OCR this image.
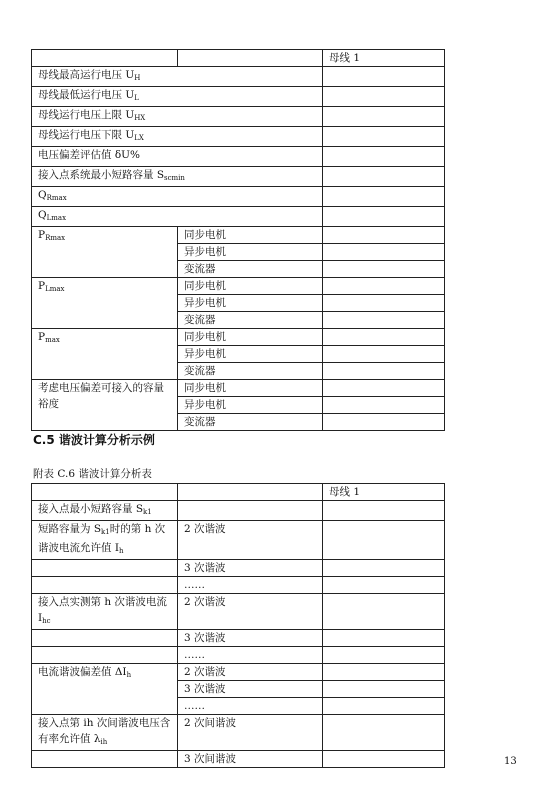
		母线 1
母线最高运行电压 $U_H$	
母线最低运行电压 $U_L$	
母线运行电压上限 $U_{HX}$	
母线运行电压下限 $U_{LX}$	
电压偏差评估值 δU%		
接入点系统最小短路容量 $S_{scmin}$	
$Q_{Rmax}$	
$Q_{Lmax}$	
$P_{Rmax}$	同步电机	
	异步电机	
	变流器	
$P_{Lmax}$	同步电机	
	异步电机	
	变流器	
$P_{max}$	同步电机	
	异步电机	
	变流器	
考虑电压偏差可接入的容量裕度	同步电机	
	异步电机	
	变流器	
C.5 谐波计算分析示例
附表 C.6 谐波计算分析表
		母线 1
接入点最小短路容量 $S_{k1}$		
短路容量为 $S_{k1}$时的第 h 次谐波电流允许值 $I_h$	2 次谐波	
	3 次谐波	
	……	
接入点实测第 h 次谐波电流 $I_{hc}$	2 次谐波	
	3 次谐波	
	……	
电流谐波偏差值 $\Delta I_h$	2 次谐波	
	3 次谐波	
	……	
接入点第 ih 次间谐波电压含有率允许值 $\lambda_{ih}$	2 次间谐波	
	3 次间谐波		13
